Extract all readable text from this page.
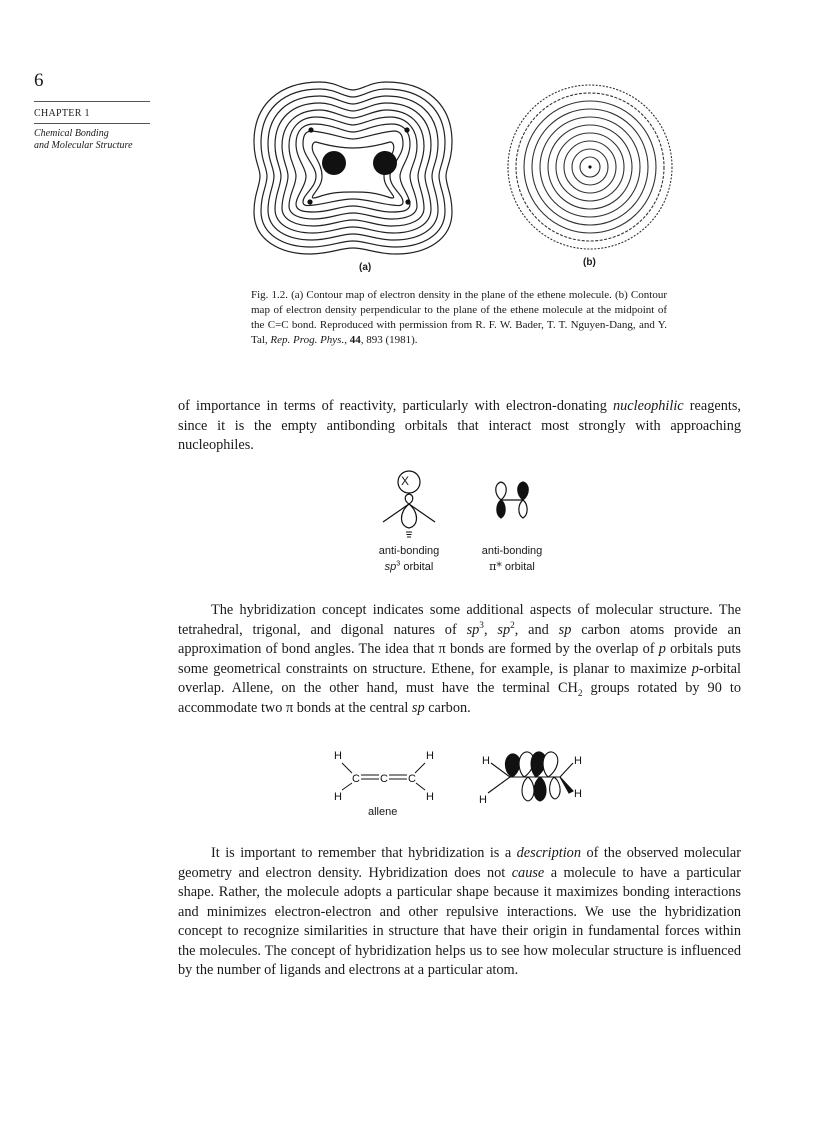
6
CHAPTER 1
Chemical Bonding
and Molecular Structure
(a)	(b)
Fig. 1.2. (a) Contour map of electron density in the plane of the ethene molecule. (b) Contour map of electron density perpendicular to the plane of the ethene molecule at the midpoint of the C=C bond. Reproduced with permission from R. F. W. Bader, T. T. Nguyen-Dang, and Y. Tal, Rep. Prog. Phys., 44, 893 (1981).
of importance in terms of reactivity, particularly with electron-donating nucleophilic reagents, since it is the empty antibonding orbitals that interact most strongly with approaching nucleophiles.
X
anti-bonding
$sp^3$ orbital
anti-bonding
π* orbital
The hybridization concept indicates some additional aspects of molecular structure. The tetrahedral, trigonal, and digonal natures of $sp^3$, $sp^2$, and sp carbon atoms provide an approximation of bond angles. The idea that π bonds are formed by the overlap of p orbitals puts some geometrical constraints on structure. Ethene, for example, is planar to maximize p-orbital overlap. Allene, on the other hand, must have the terminal $CH_2$ groups rotated by 90 to accommodate two π bonds at the central sp carbon.
H	H
H	H
C C C
allene
H
H
H
H
It is important to remember that hybridization is a description of the observed molecular geometry and electron density. Hybridization does not cause a molecule to have a particular shape. Rather, the molecule adopts a particular shape because it maximizes bonding interactions and minimizes electron-electron and other repulsive interactions. We use the hybridization concept to recognize similarities in structure that have their origin in fundamental forces within the molecules. The concept of hybridization helps us to see how molecular structure is influenced by the number of ligands and electrons at a particular atom.
